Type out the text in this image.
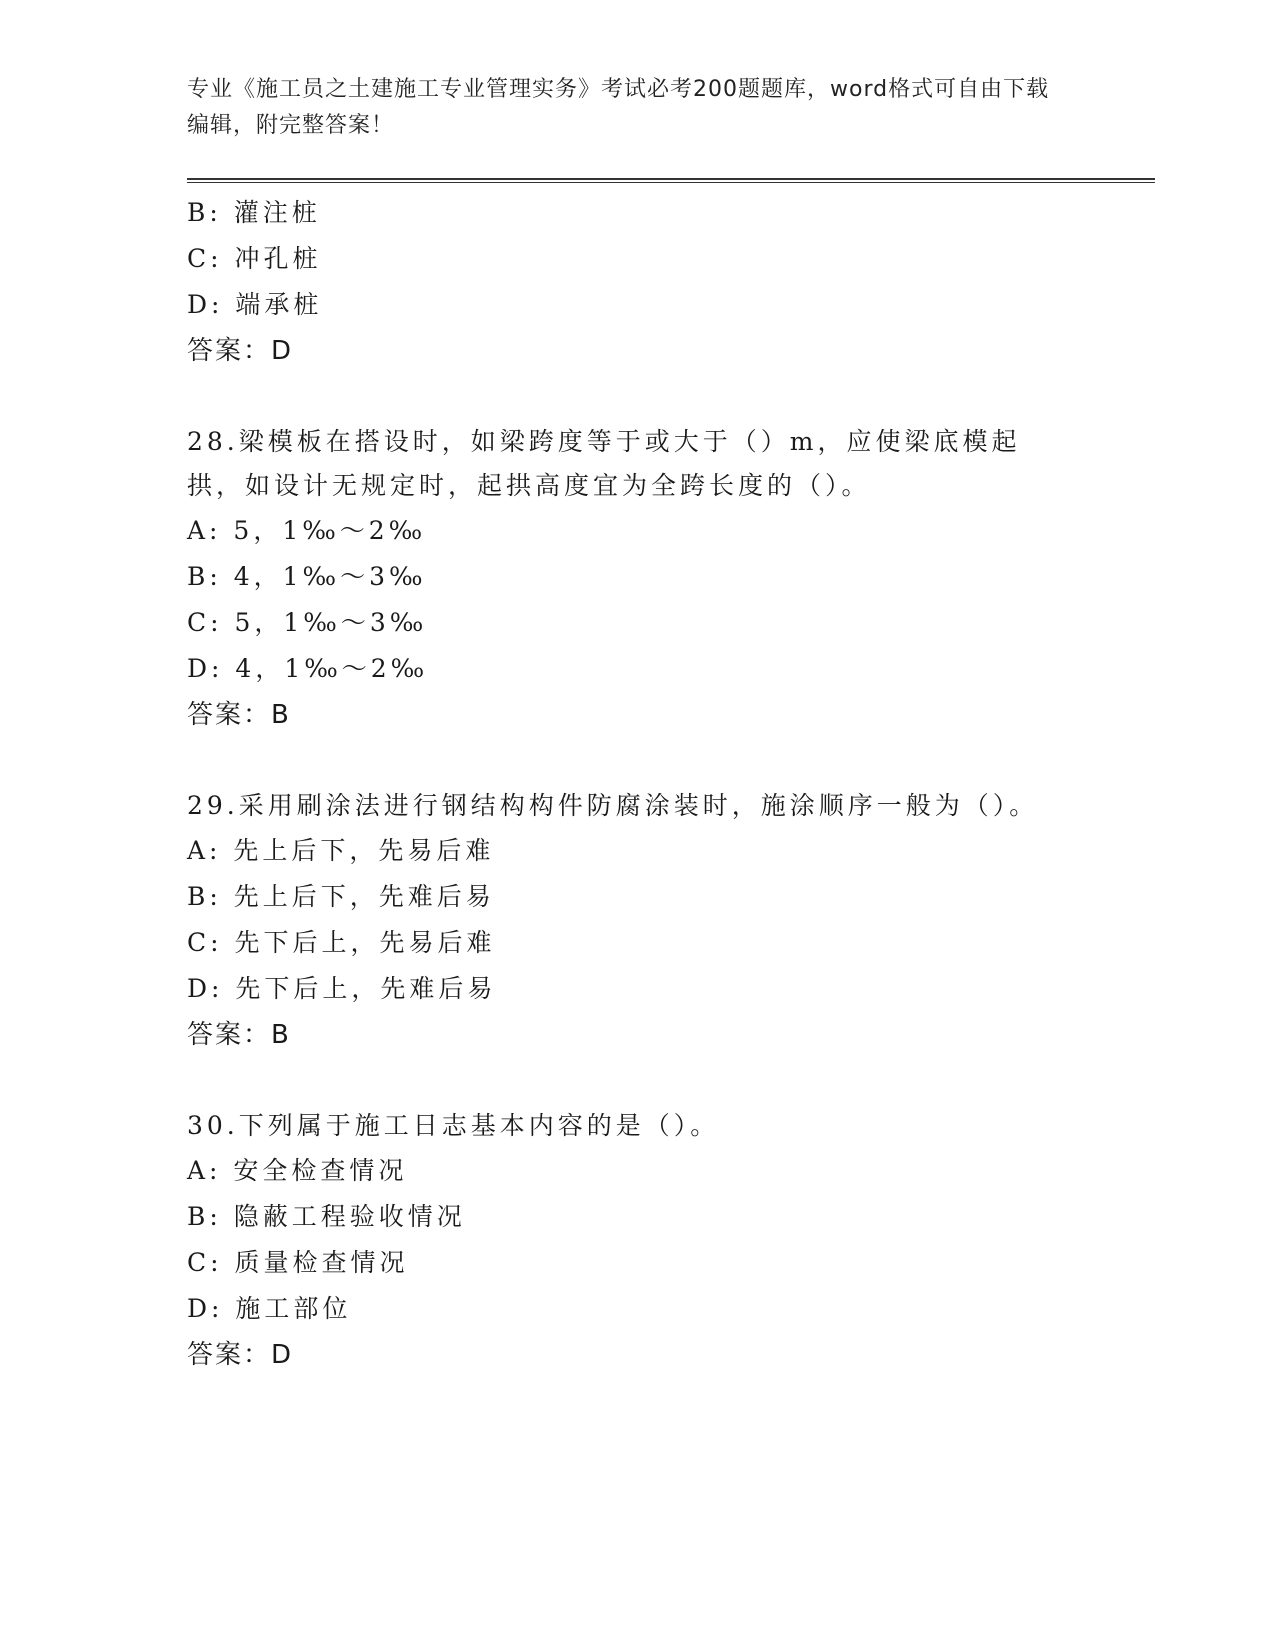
专业《施工员之土建施工专业管理实务》考试必考200题题库，word格式可自由下载编辑，附完整答案！
B: 灌注桩
C: 冲孔桩
D: 端承桩
答案：D
28.梁模板在搭设时，如梁跨度等于或大于（）m，应使梁底模起拱，如设计无规定时，起拱高度宜为全跨长度的（）。
A: 5，1‰～2‰
B: 4，1‰～3‰
C: 5，1‰～3‰
D: 4，1‰～2‰
答案：B
29.采用刷涂法进行钢结构构件防腐涂装时，施涂顺序一般为（）。
A: 先上后下，先易后难
B: 先上后下，先难后易
C: 先下后上，先易后难
D: 先下后上，先难后易
答案：B
30.下列属于施工日志基本内容的是（）。
A: 安全检查情况
B: 隐蔽工程验收情况
C: 质量检查情况
D: 施工部位
答案：D
